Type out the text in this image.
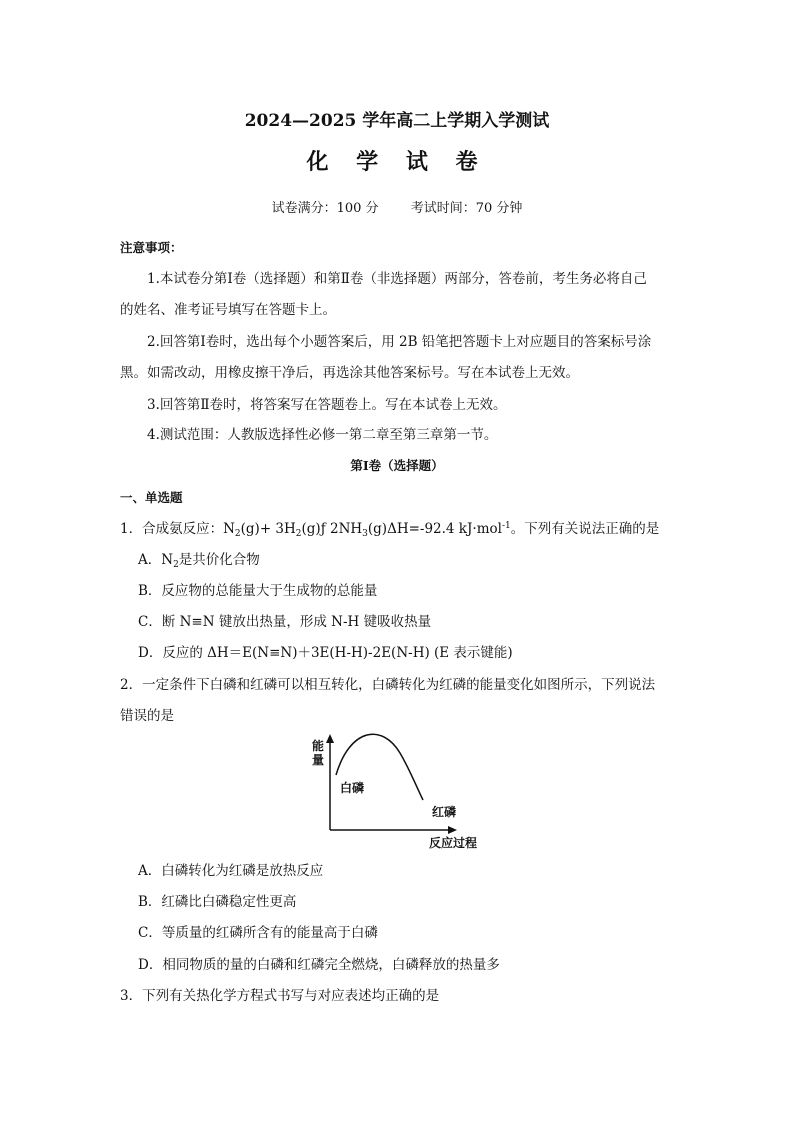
2024—2025 学年高二上学期入学测试
化 学 试 卷
试卷满分：100 分 考试时间：70 分钟
注意事项：
1.本试卷分第Ⅰ卷（选择题）和第Ⅱ卷（非选择题）两部分，答卷前，考生务必将自己
的姓名、准考证号填写在答题卡上。
2.回答第Ⅰ卷时，选出每个小题答案后，用 2B 铅笔把答题卡上对应题目的答案标号涂
黑。如需改动，用橡皮擦干净后，再选涂其他答案标号。写在本试卷上无效。
3.回答第Ⅱ卷时，将答案写在答题卷上。写在本试卷上无效。
4.测试范围：人教版选择性必修一第二章至第三章第一节。
第Ⅰ卷（选择题）
一、单选题
1．合成氨反应：$N_2(g)+$ $3H_2(g)ƒ$ $2NH_3(g)\Delta H=-92.4$ kJ·mol$^{-1}$。下列有关说法正确的是
A．$N_2$是共价化合物
B．反应物的总能量大于生成物的总能量
C．断 N≡N 键放出热量，形成 N-H 键吸收热量
D．反应的 ΔH＝E(N≡N)＋3E(H-H)-2E(N-H) (E 表示键能)
2．一定条件下白磷和红磷可以相互转化，白磷转化为红磷的能量变化如图所示，下列说法
错误的是
能
量
白磷
红磷
反应过程
A．白磷转化为红磷是放热反应
B．红磷比白磷稳定性更高
C．等质量的红磷所含有的能量高于白磷
D．相同物质的量的白磷和红磷完全燃烧，白磷释放的热量多
3．下列有关热化学方程式书写与对应表述均正确的是
